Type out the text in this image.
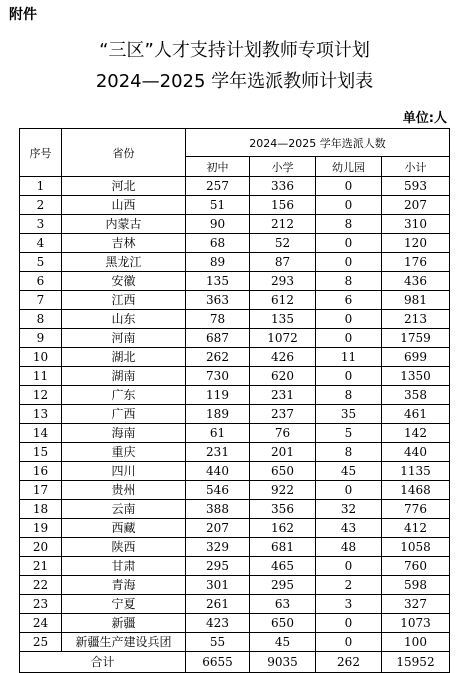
附件
“三区”人才支持计划教师专项计划
2024—2025 学年选派教师计划表
单位:人
序号	省份	2024—2025 学年选派人数			
		初中	小学	幼儿园	小计
1	河北	257	336	0	593
2	山西	51	156	0	207
3	内蒙古	90	212	8	310
4	吉林	68	52	0	120
5	黑龙江	89	87	0	176
6	安徽	135	293	8	436
7	江西	363	612	6	981
8	山东	78	135	0	213
9	河南	687	1072	0	1759
10	湖北	262	426	11	699
11	湖南	730	620	0	1350
12	广东	119	231	8	358
13	广西	189	237	35	461
14	海南	61	76	5	142
15	重庆	231	201	8	440
16	四川	440	650	45	1135
17	贵州	546	922	0	1468
18	云南	388	356	32	776
19	西藏	207	162	43	412
20	陕西	329	681	48	1058
21	甘肃	295	465	0	760
22	青海	301	295	2	598
23	宁夏	261	63	3	327
24	新疆	423	650	0	1073
25	新疆生产建设兵团	55	45	0	100
合计		6655	9035	262	15952
